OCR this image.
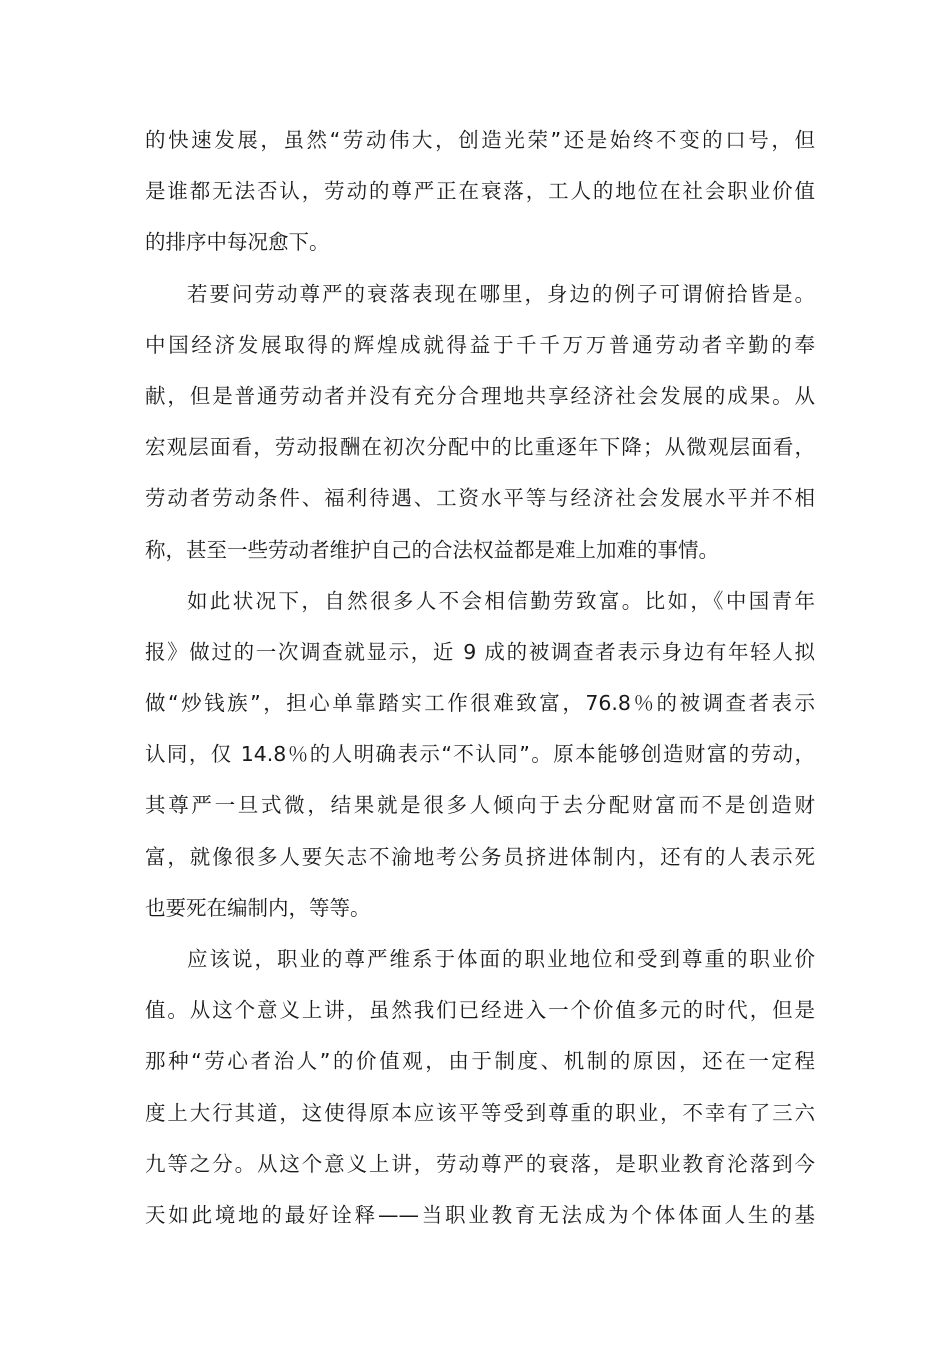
的快速发展，虽然“劳动伟大，创造光荣”还是始终不变的口号，但
是谁都无法否认，劳动的尊严正在衰落，工人的地位在社会职业价值
的排序中每况愈下。
若要问劳动尊严的衰落表现在哪里，身边的例子可谓俯拾皆是。
中国经济发展取得的辉煌成就得益于千千万万普通劳动者辛勤的奉
献，但是普通劳动者并没有充分合理地共享经济社会发展的成果。从
宏观层面看，劳动报酬在初次分配中的比重逐年下降；从微观层面看，
劳动者劳动条件、福利待遇、工资水平等与经济社会发展水平并不相
称，甚至一些劳动者维护自己的合法权益都是难上加难的事情。
如此状况下，自然很多人不会相信勤劳致富。比如，《中国青年
报》做过的一次调查就显示，近 9 成的被调查者表示身边有年轻人拟
做“炒钱族”，担心单靠踏实工作很难致富，76.8％的被调查者表示
认同，仅 14.8％的人明确表示“不认同”。原本能够创造财富的劳动，
其尊严一旦式微，结果就是很多人倾向于去分配财富而不是创造财
富，就像很多人要矢志不渝地考公务员挤进体制内，还有的人表示死
也要死在编制内，等等。
应该说，职业的尊严维系于体面的职业地位和受到尊重的职业价
值。从这个意义上讲，虽然我们已经进入一个价值多元的时代，但是
那种“劳心者治人”的价值观，由于制度、机制的原因，还在一定程
度上大行其道，这使得原本应该平等受到尊重的职业，不幸有了三六
九等之分。从这个意义上讲，劳动尊严的衰落，是职业教育沦落到今
天如此境地的最好诠释——当职业教育无法成为个体体面人生的基
